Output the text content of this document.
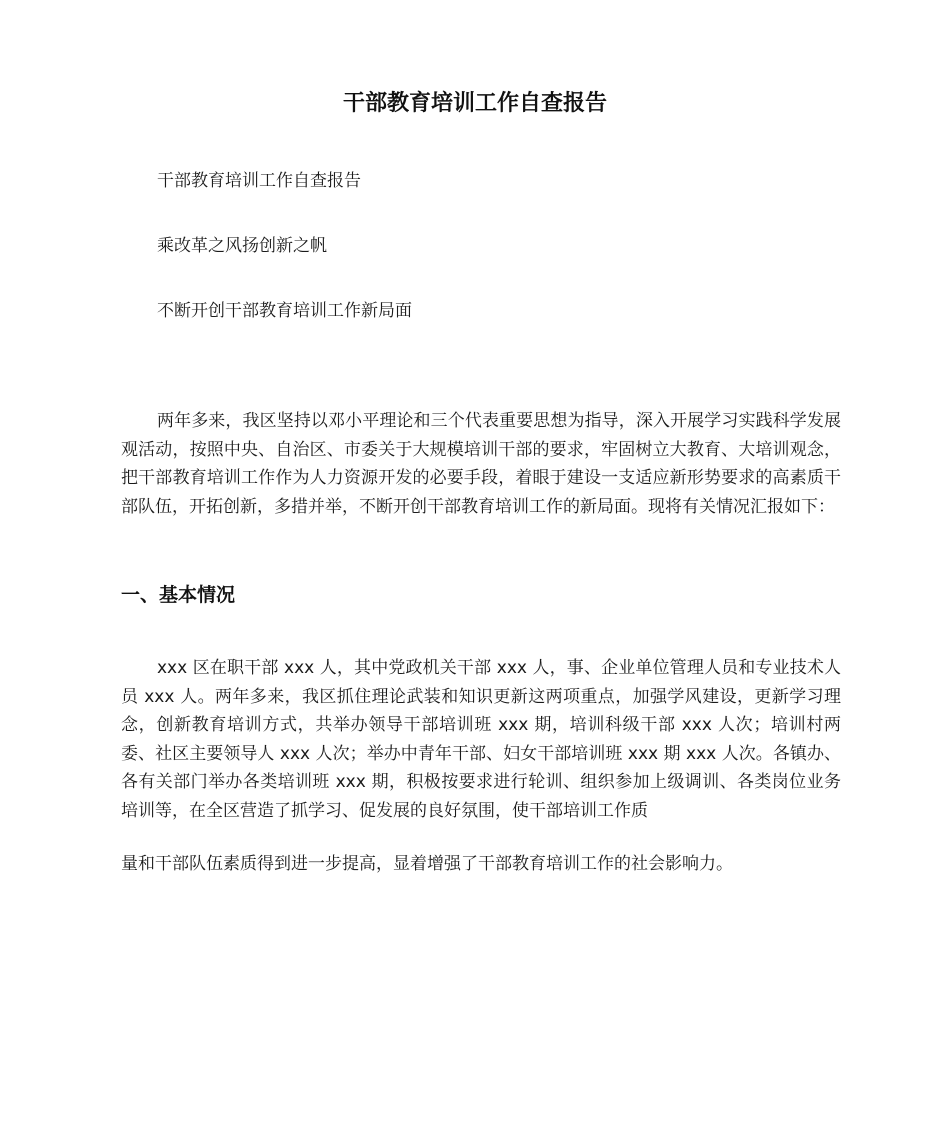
干部教育培训工作自查报告

干部教育培训工作自查报告

乘改革之风扬创新之帆

不断开创干部教育培训工作新局面

两年多来，我区坚持以邓小平理论和三个代表重要思想为指导，深入开展学习实践科学发展观活动，按照中央、自治区、市委关于大规模培训干部的要求，牢固树立大教育、大培训观念，把干部教育培训工作作为人力资源开发的必要手段，着眼于建设一支适应新形势要求的高素质干部队伍，开拓创新，多措并举，不断开创干部教育培训工作的新局面。现将有关情况汇报如下：

一、基本情况

xxx 区在职干部 xxx 人，其中党政机关干部 xxx 人，事、企业单位管理人员和专业技术人员 xxx 人。两年多来，我区抓住理论武装和知识更新这两项重点，加强学风建设，更新学习理念，创新教育培训方式，共举办领导干部培训班 xxx 期，培训科级干部 xxx 人次；培训村两委、社区主要领导人 xxx 人次；举办中青年干部、妇女干部培训班 xxx 期 xxx 人次。各镇办、各有关部门举办各类培训班 xxx 期，积极按要求进行轮训、组织参加上级调训、各类岗位业务培训等，在全区营造了抓学习、促发展的良好氛围，使干部培训工作质

量和干部队伍素质得到进一步提高，显着增强了干部教育培训工作的社会影响力。
